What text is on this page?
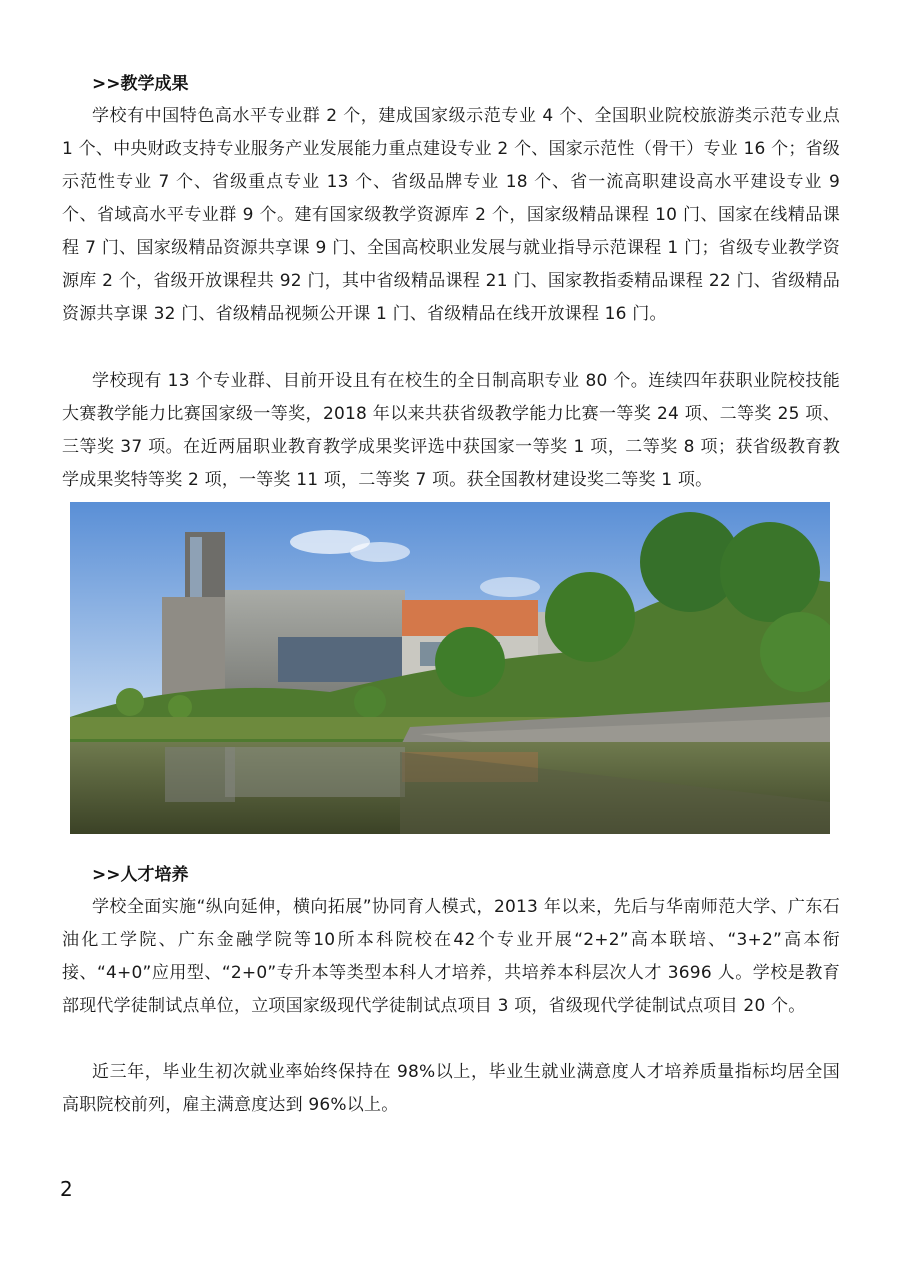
>>教学成果

学校有中国特色高水平专业群 2 个，建成国家级示范专业 4 个、全国职业院校旅游类示范专业点 1 个、中央财政支持专业服务产业发展能力重点建设专业 2 个、国家示范性（骨干）专业 16 个；省级示范性专业 7 个、省级重点专业 13 个、省级品牌专业 18 个、省一流高职建设高水平建设专业 9 个、省域高水平专业群 9 个。建有国家级教学资源库 2 个，国家级精品课程 10 门、国家在线精品课程 7 门、国家级精品资源共享课 9 门、全国高校职业发展与就业指导示范课程 1 门；省级专业教学资源库 2 个，省级开放课程共 92 门，其中省级精品课程 21 门、国家教指委精品课程 22 门、省级精品资源共享课 32 门、省级精品视频公开课 1 门、省级精品在线开放课程 16 门。

学校现有 13 个专业群、目前开设且有在校生的全日制高职专业 80 个。连续四年获职业院校技能大赛教学能力比赛国家级一等奖，2018 年以来共获省级教学能力比赛一等奖 24 项、二等奖 25 项、三等奖 37 项。在近两届职业教育教学成果奖评选中获国家一等奖 1 项，二等奖 8 项；获省级教育教学成果奖特等奖 2 项，一等奖 11 项，二等奖 7 项。获全国教材建设奖二等奖 1 项。

>>人才培养

学校全面实施“纵向延伸，横向拓展”协同育人模式，2013 年以来，先后与华南师范大学、广东石油化工学院、广东金融学院等10所本科院校在42个专业开展“2+2”高本联培、“3+2”高本衔接、“4+0”应用型、“2+0”专升本等类型本科人才培养，共培养本科层次人才 3696 人。学校是教育部现代学徒制试点单位，立项国家级现代学徒制试点项目 3 项，省级现代学徒制试点项目 20 个。

近三年，毕业生初次就业率始终保持在 98%以上，毕业生就业满意度人才培养质量指标均居全国高职院校前列，雇主满意度达到 96%以上。

2
